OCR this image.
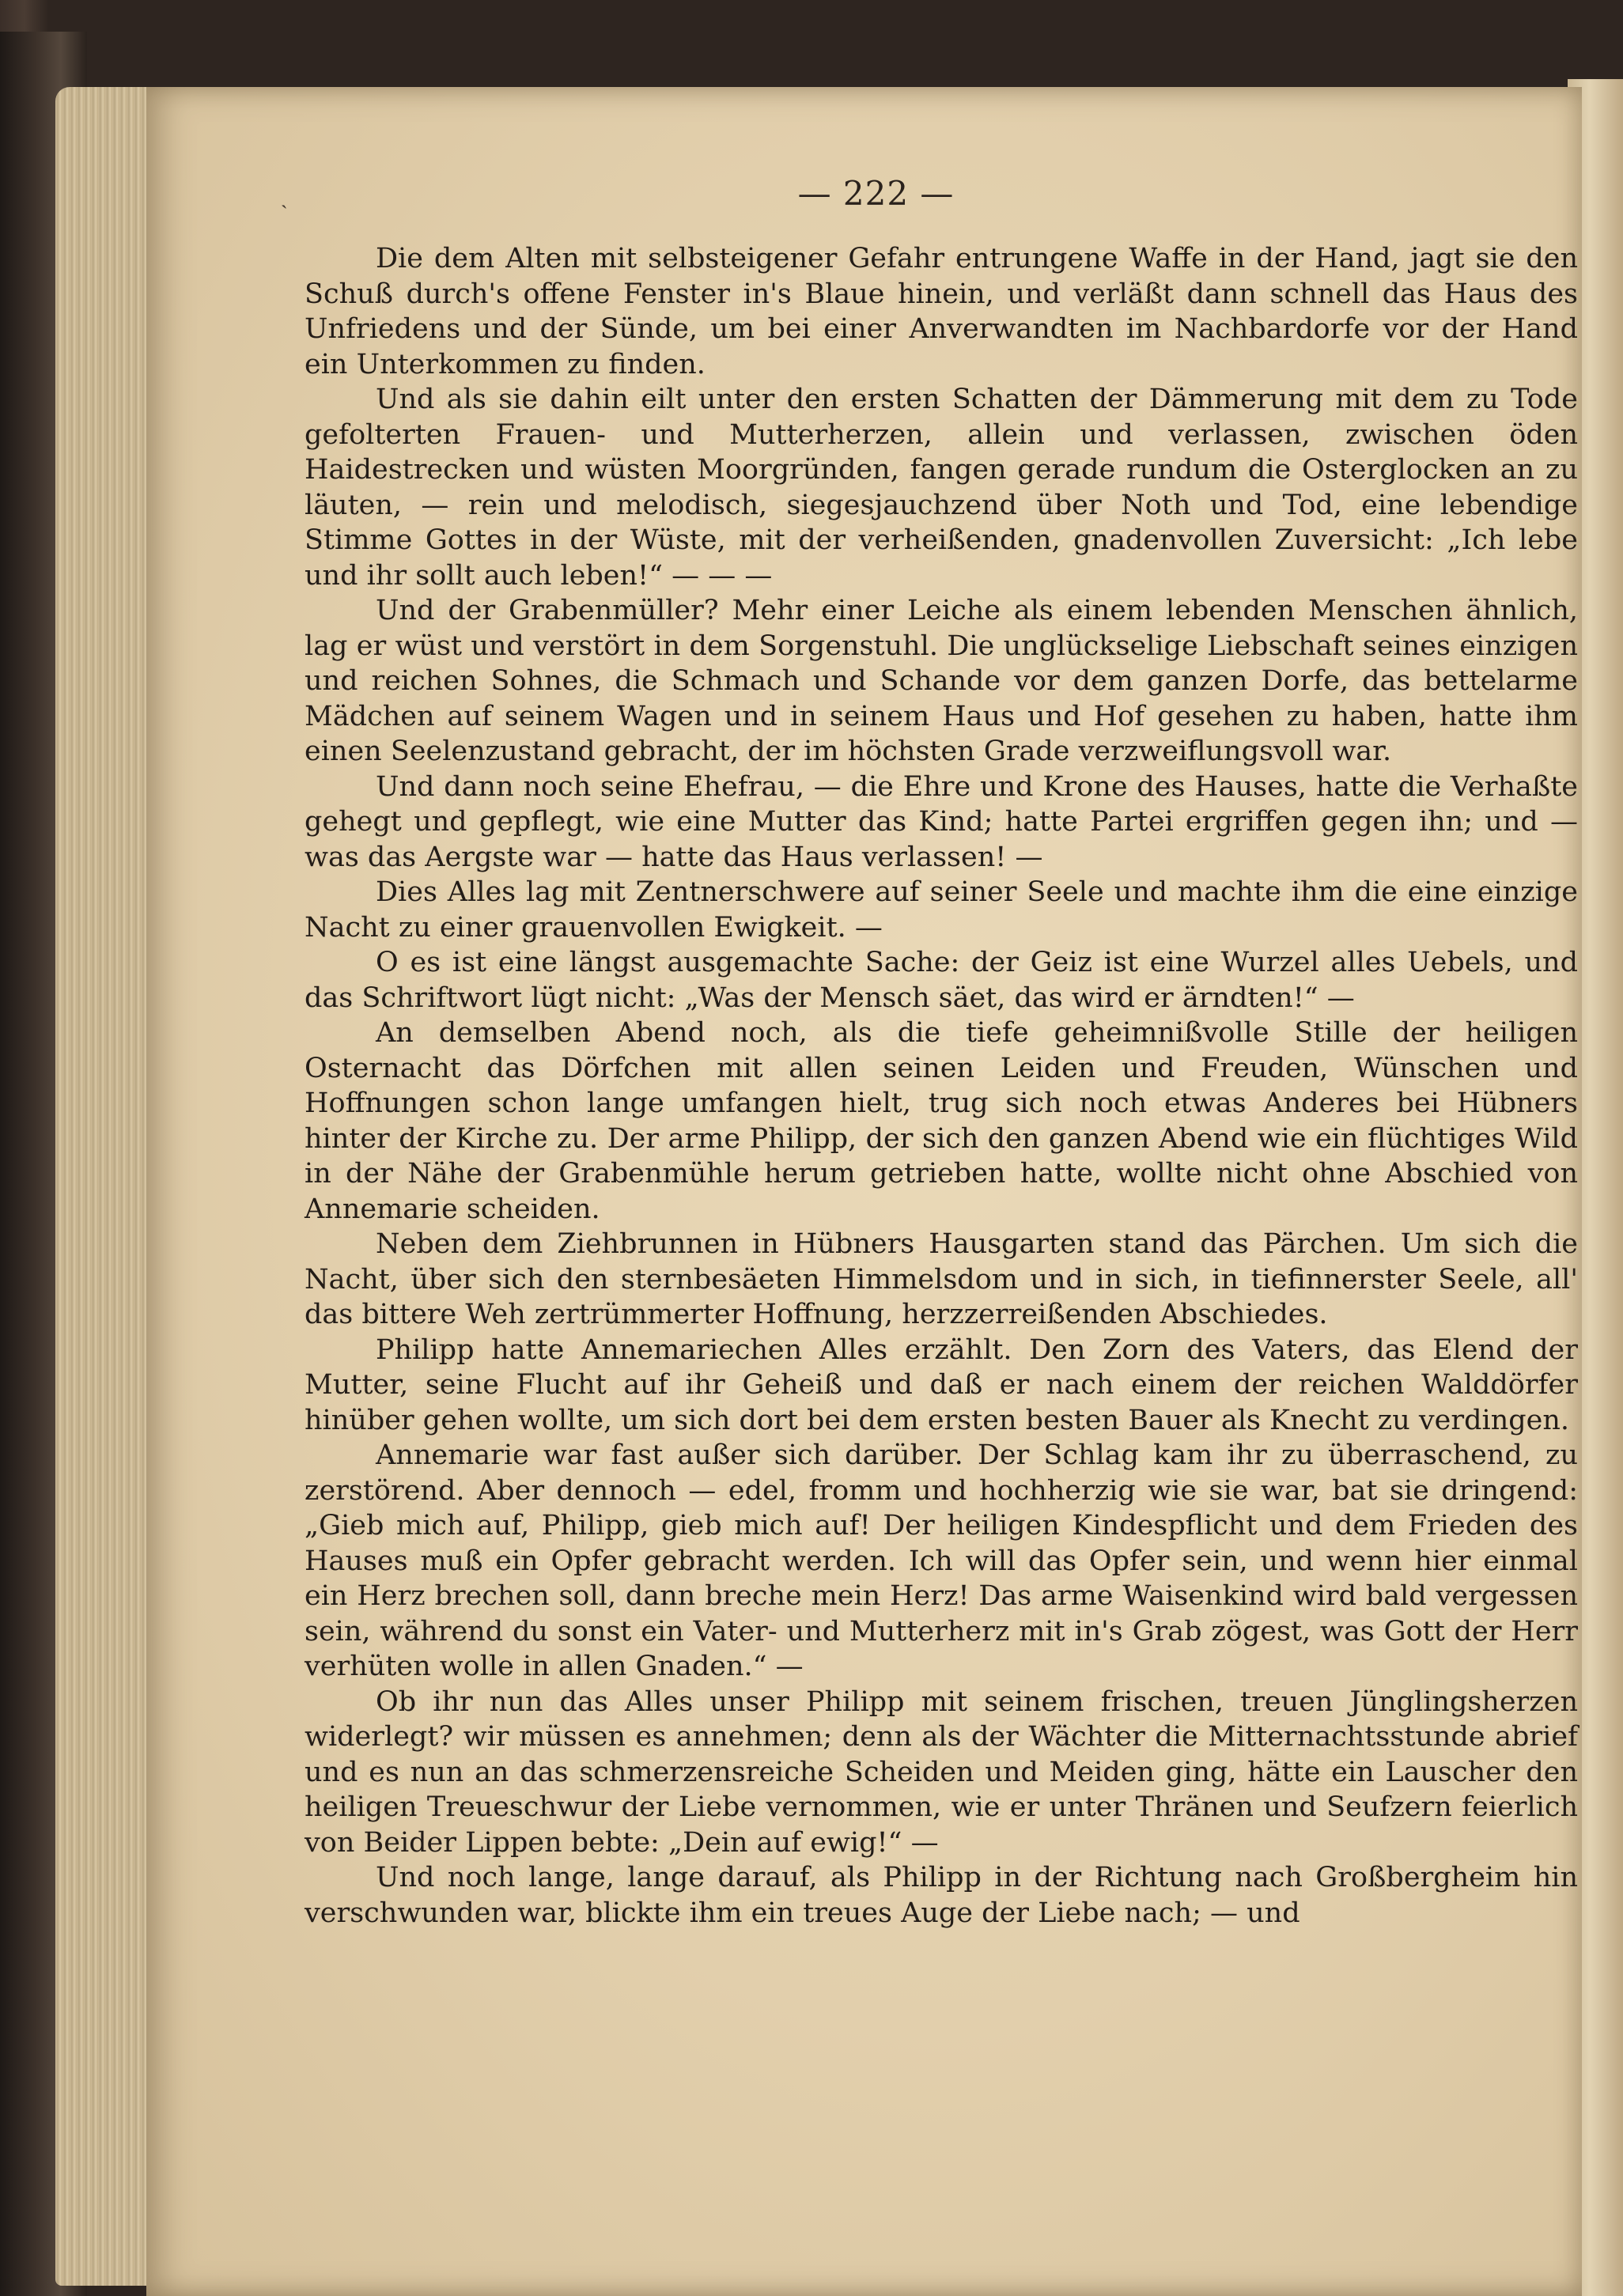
— 222 —
ˎ

Die dem Alten mit selbsteigener Gefahr entrungene Waffe in der Hand, jagt sie den Schuß durch's offene Fenster in's Blaue hinein, und verläßt dann schnell das Haus des Unfriedens und der Sünde, um bei einer Anverwandten im Nachbardorfe vor der Hand ein Unterkommen zu finden.

Und als sie dahin eilt unter den ersten Schatten der Dämmerung mit dem zu Tode gefolterten Frauen- und Mutterherzen, allein und verlassen, zwischen öden Haidestrecken und wüsten Moorgründen, fangen gerade rundum die Osterglocken an zu läuten, — rein und melodisch, siegesjauchzend über Noth und Tod, eine lebendige Stimme Gottes in der Wüste, mit der verheißenden, gnadenvollen Zuversicht: „Ich lebe und ihr sollt auch leben!“ — — —

Und der Grabenmüller? Mehr einer Leiche als einem lebenden Menschen ähnlich, lag er wüst und verstört in dem Sorgenstuhl. Die unglückselige Liebschaft seines einzigen und reichen Sohnes, die Schmach und Schande vor dem ganzen Dorfe, das bettelarme Mädchen auf seinem Wagen und in seinem Haus und Hof gesehen zu haben, hatte ihm einen Seelenzustand gebracht, der im höchsten Grade verzweiflungsvoll war.

Und dann noch seine Ehefrau, — die Ehre und Krone des Hauses, hatte die Verhaßte gehegt und gepflegt, wie eine Mutter das Kind; hatte Partei ergriffen gegen ihn; und — was das Aergste war — hatte das Haus verlassen! —

Dies Alles lag mit Zentnerschwere auf seiner Seele und machte ihm die eine einzige Nacht zu einer grauenvollen Ewigkeit. —

O es ist eine längst ausgemachte Sache: der Geiz ist eine Wurzel alles Uebels, und das Schriftwort lügt nicht: „Was der Mensch säet, das wird er ärndten!“ —

An demselben Abend noch, als die tiefe geheimnißvolle Stille der heiligen Osternacht das Dörfchen mit allen seinen Leiden und Freuden, Wünschen und Hoffnungen schon lange umfangen hielt, trug sich noch etwas Anderes bei Hübners hinter der Kirche zu. Der arme Philipp, der sich den ganzen Abend wie ein flüchtiges Wild in der Nähe der Grabenmühle herum getrieben hatte, wollte nicht ohne Abschied von Annemarie scheiden.

Neben dem Ziehbrunnen in Hübners Hausgarten stand das Pärchen. Um sich die Nacht, über sich den sternbesäeten Himmelsdom und in sich, in tiefinnerster Seele, all' das bittere Weh zertrümmerter Hoffnung, herzzerreißenden Abschiedes.

Philipp hatte Annemariechen Alles erzählt. Den Zorn des Vaters, das Elend der Mutter, seine Flucht auf ihr Geheiß und daß er nach einem der reichen Walddörfer hinüber gehen wollte, um sich dort bei dem ersten besten Bauer als Knecht zu verdingen.

Annemarie war fast außer sich darüber. Der Schlag kam ihr zu überraschend, zu zerstörend. Aber dennoch — edel, fromm und hochherzig wie sie war, bat sie dringend: „Gieb mich auf, Philipp, gieb mich auf! Der heiligen Kindespflicht und dem Frieden des Hauses muß ein Opfer gebracht werden. Ich will das Opfer sein, und wenn hier einmal ein Herz brechen soll, dann breche mein Herz! Das arme Waisenkind wird bald vergessen sein, während du sonst ein Vater- und Mutterherz mit in's Grab zögest, was Gott der Herr verhüten wolle in allen Gnaden.“ —

Ob ihr nun das Alles unser Philipp mit seinem frischen, treuen Jünglingsherzen widerlegt? wir müssen es annehmen; denn als der Wächter die Mitternachtsstunde abrief und es nun an das schmerzensreiche Scheiden und Meiden ging, hätte ein Lauscher den heiligen Treueschwur der Liebe vernommen, wie er unter Thränen und Seufzern feierlich von Beider Lippen bebte: „Dein auf ewig!“ —

Und noch lange, lange darauf, als Philipp in der Richtung nach Großbergheim hin verschwunden war, blickte ihm ein treues Auge der Liebe nach; — und
